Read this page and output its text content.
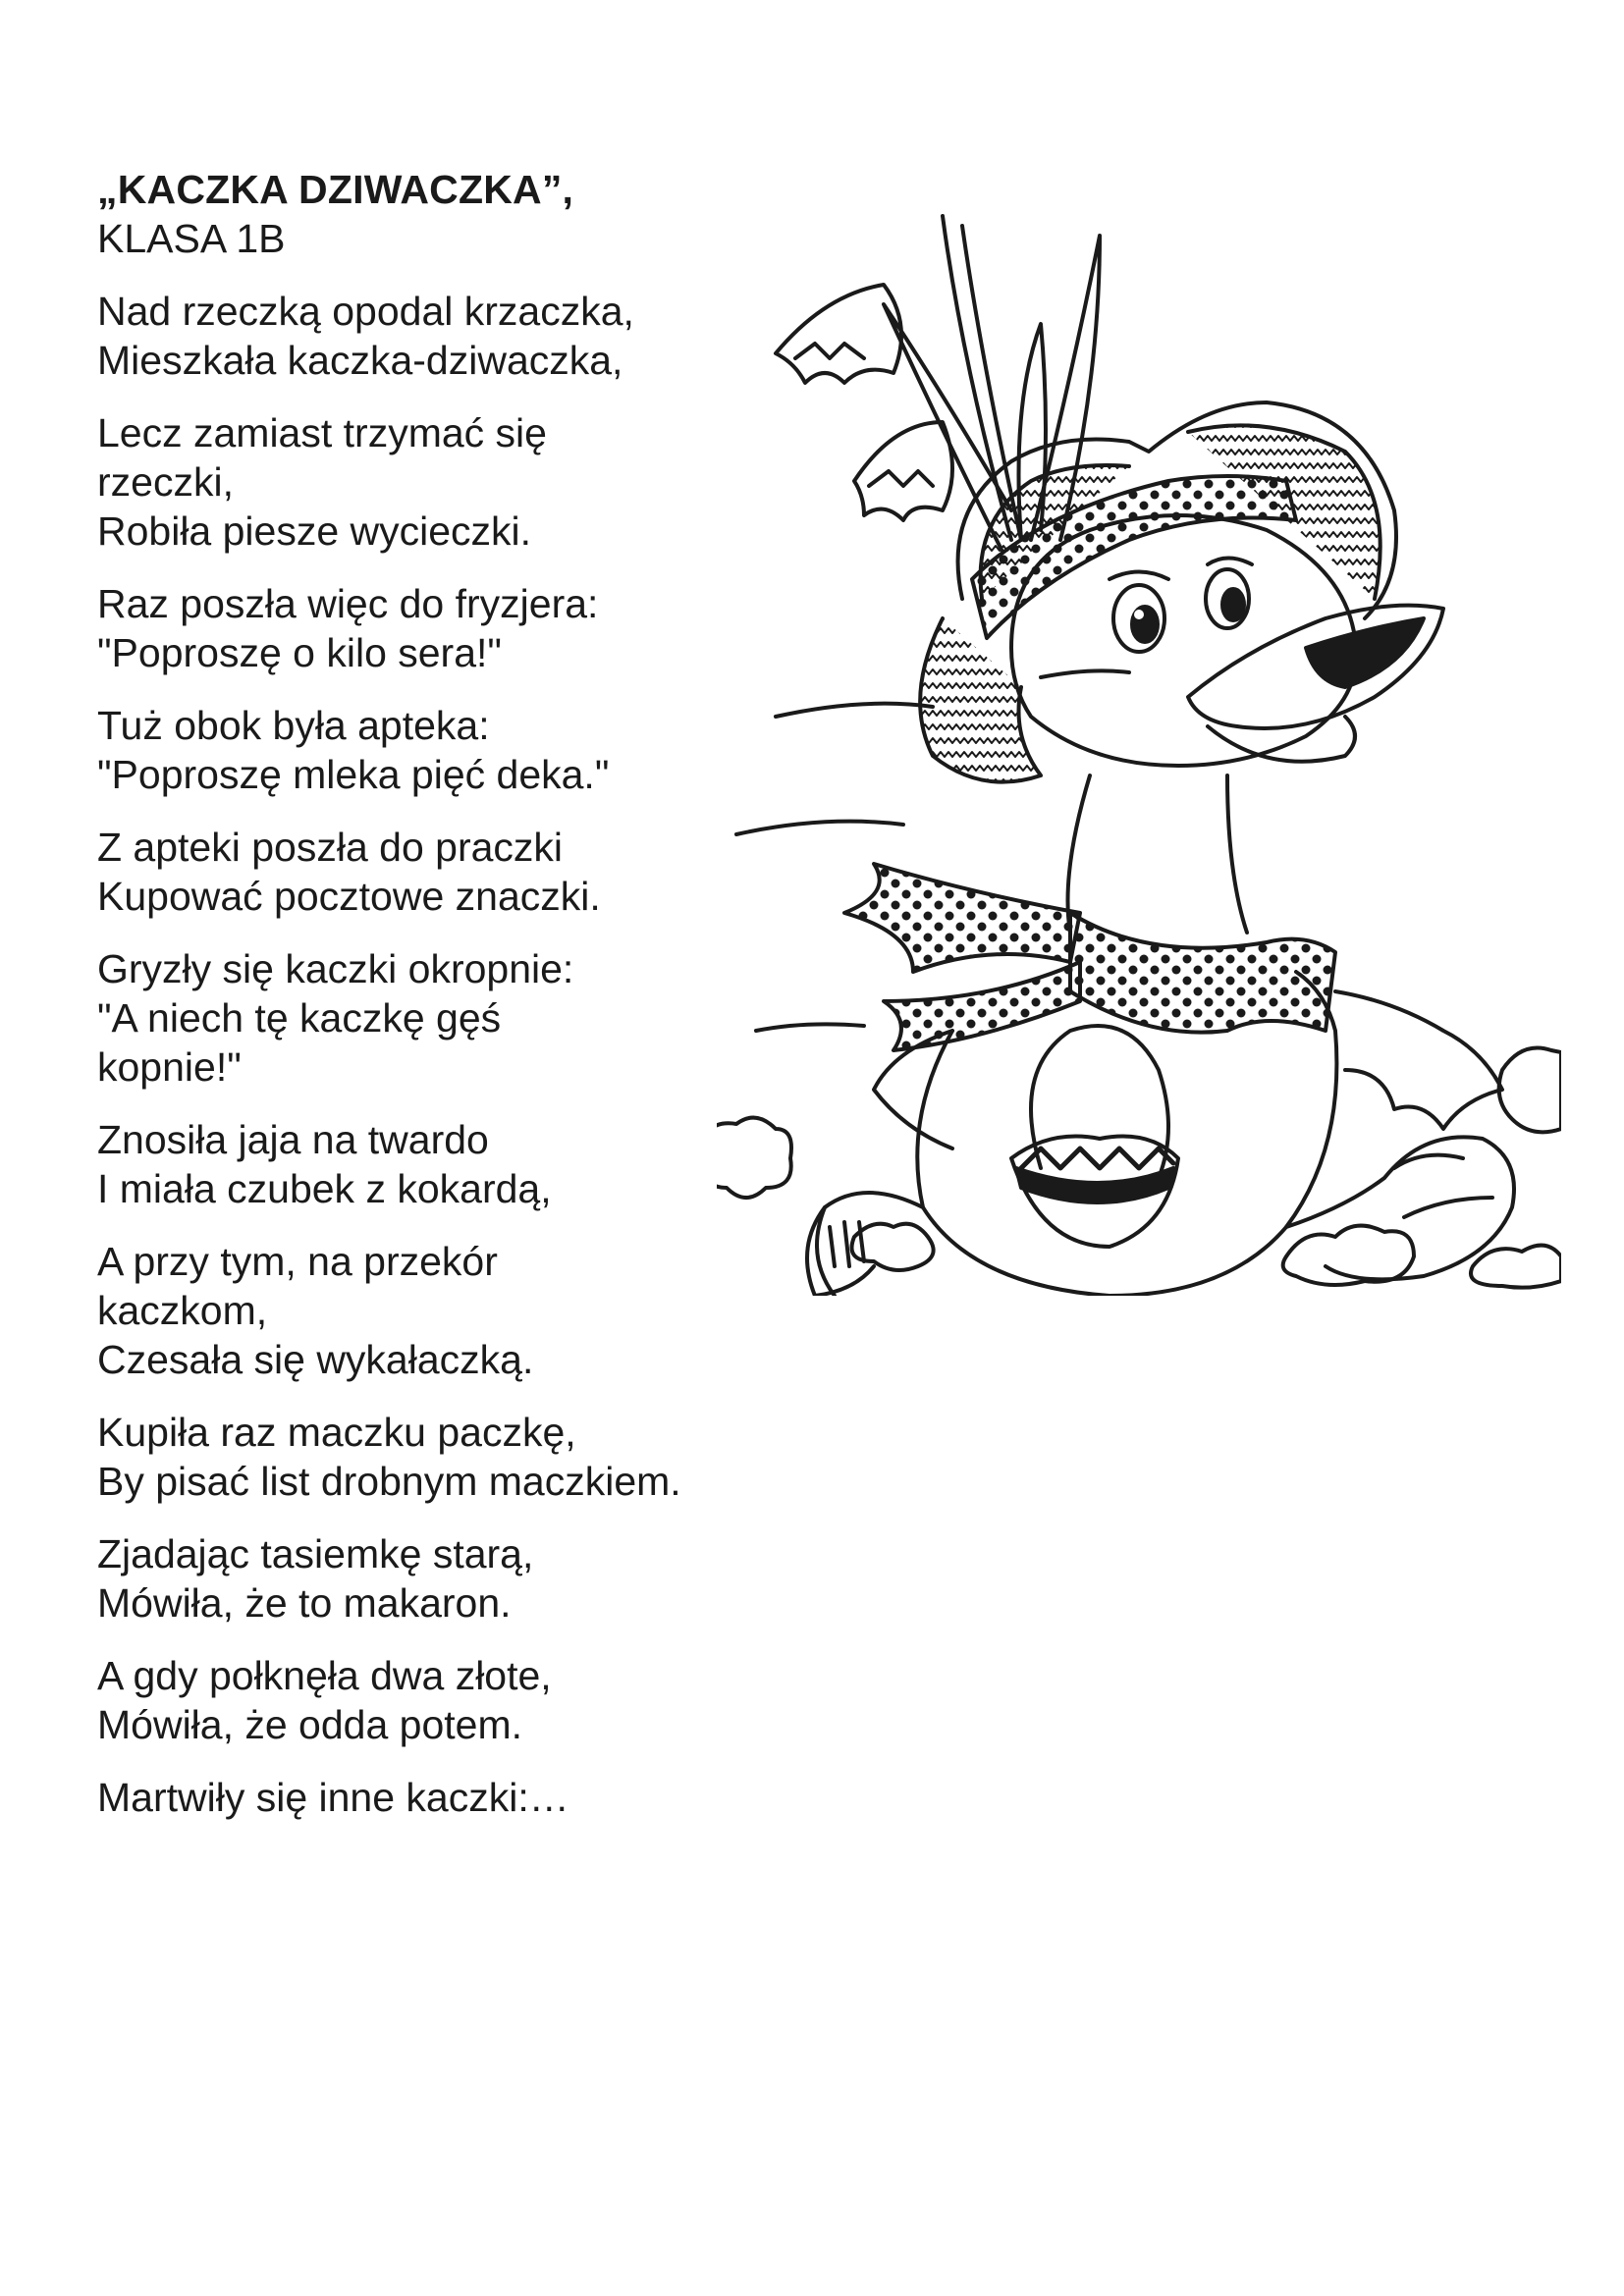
„KACZKA DZIWACZKA”,
KLASA 1B
Nad rzeczką opodal krzaczka,
Mieszkała kaczka-dziwaczka,
Lecz zamiast trzymać się
rzeczki,
Robiła piesze wycieczki.
Raz poszła więc do fryzjera:
"Poproszę o kilo sera!"
Tuż obok była apteka:
"Poproszę mleka pięć deka."
Z apteki poszła do praczki
Kupować pocztowe znaczki.
Gryzły się kaczki okropnie:
"A niech tę kaczkę gęś
kopnie!"
Znosiła jaja na twardo
I miała czubek z kokardą,
A przy tym, na przekór
kaczkom,
Czesała się wykałaczką.
Kupiła raz maczku paczkę,
By pisać list drobnym maczkiem.
Zjadając tasiemkę starą,
Mówiła, że to makaron.
A gdy połknęła dwa złote,
Mówiła, że odda potem.
Martwiły się inne kaczki:…
